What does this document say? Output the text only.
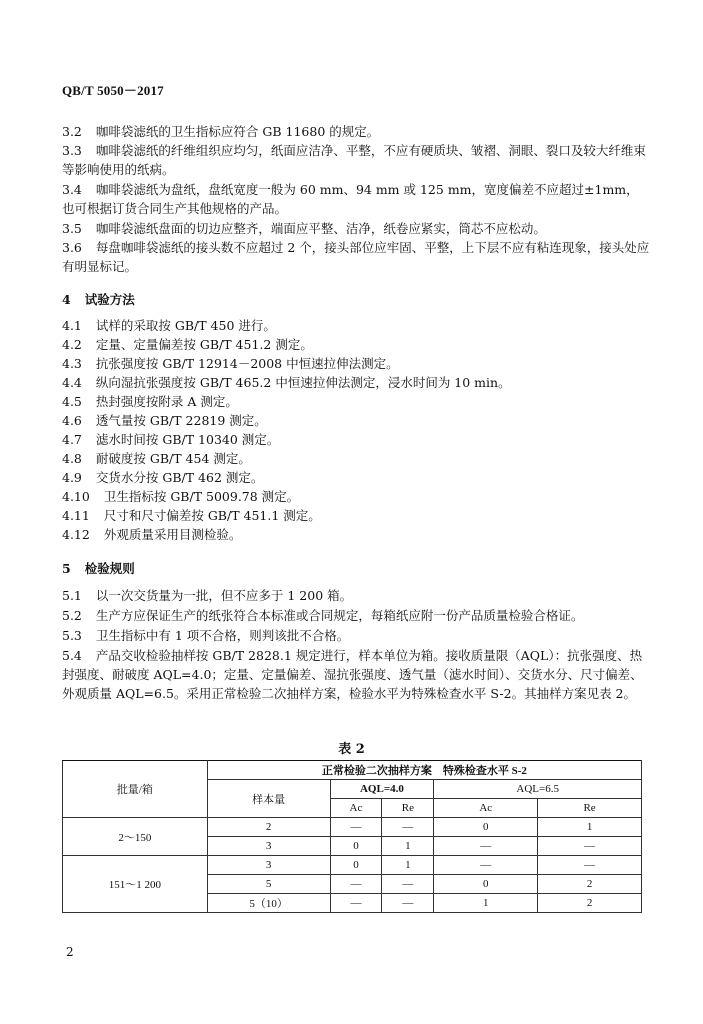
QB/T 5050－2017
3.2 咖啡袋滤纸的卫生指标应符合 GB 11680 的规定。
3.3 咖啡袋滤纸的纤维组织应均匀，纸面应洁净、平整，不应有硬质块、皱褶、洞眼、裂口及较大纤维束等影响使用的纸病。
3.4 咖啡袋滤纸为盘纸，盘纸宽度一般为 60 mm、94 mm 或 125 mm，宽度偏差不应超过±1mm，也可根据订货合同生产其他规格的产品。
3.5 咖啡袋滤纸盘面的切边应整齐，端面应平整、洁净，纸卷应紧实，筒芯不应松动。
3.6 每盘咖啡袋滤纸的接头数不应超过 2 个，接头部位应牢固、平整，上下层不应有粘连现象，接头处应有明显标记。
4 试验方法
4.1 试样的采取按 GB/T 450 进行。
4.2 定量、定量偏差按 GB/T 451.2 测定。
4.3 抗张强度按 GB/T 12914－2008 中恒速拉伸法测定。
4.4 纵向湿抗张强度按 GB/T 465.2 中恒速拉伸法测定，浸水时间为 10 min。
4.5 热封强度按附录 A 测定。
4.6 透气量按 GB/T 22819 测定。
4.7 滤水时间按 GB/T 10340 测定。
4.8 耐破度按 GB/T 454 测定。
4.9 交货水分按 GB/T 462 测定。
4.10 卫生指标按 GB/T 5009.78 测定。
4.11 尺寸和尺寸偏差按 GB/T 451.1 测定。
4.12 外观质量采用目测检验。
5 检验规则
5.1 以一次交货量为一批，但不应多于 1 200 箱。
5.2 生产方应保证生产的纸张符合本标准或合同规定，每箱纸应附一份产品质量检验合格证。
5.3 卫生指标中有 1 项不合格，则判该批不合格。
5.4 产品交收检验抽样按 GB/T 2828.1 规定进行，样本单位为箱。接收质量限（AQL）：抗张强度、热封强度、耐破度 AQL=4.0；定量、定量偏差、湿抗张强度、透气量（滤水时间）、交货水分、尺寸偏差、外观质量 AQL=6.5。采用正常检验二次抽样方案，检验水平为特殊检查水平 S-2。其抽样方案见表 2。
表 2
批量/箱	正常检验二次抽样方案　特殊检查水平 S-2				
	样本量	AQL=4.0		AQL=6.5	
		Ac	Re	Ac	Re
2～150	2	—	—	0	1
	3	0	1	—	—
151～1 200	3	0	1	—	—
	5	—	—	0	2
	5（10）	—	—	1	2
2
